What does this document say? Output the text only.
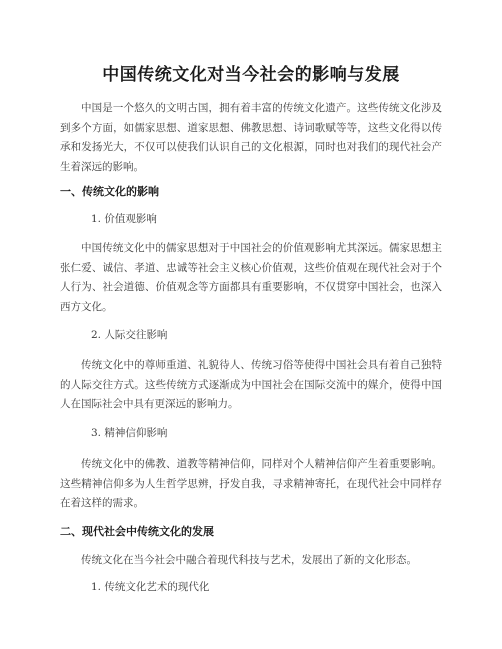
中国传统文化对当今社会的影响与发展

中国是一个悠久的文明古国，拥有着丰富的传统文化遗产。这些传统文化涉及到多个方面，如儒家思想、道家思想、佛教思想、诗词歌赋等等，这些文化得以传承和发扬光大，不仅可以使我们认识自己的文化根源，同时也对我们的现代社会产生着深远的影响。

一、传统文化的影响

1. 价值观影响

中国传统文化中的儒家思想对于中国社会的价值观影响尤其深远。儒家思想主张仁爱、诚信、孝道、忠诚等社会主义核心价值观，这些价值观在现代社会对于个人行为、社会道德、价值观念等方面都具有重要影响，不仅贯穿中国社会，也深入西方文化。

2. 人际交往影响

传统文化中的尊师重道、礼貌待人、传统习俗等使得中国社会具有着自己独特的人际交往方式。这些传统方式逐渐成为中国社会在国际交流中的媒介，使得中国人在国际社会中具有更深远的影响力。

3. 精神信仰影响

传统文化中的佛教、道教等精神信仰，同样对个人精神信仰产生着重要影响。这些精神信仰多为人生哲学思辨，抒发自我，寻求精神寄托，在现代社会中同样存在着这样的需求。

二、现代社会中传统文化的发展

传统文化在当今社会中融合着现代科技与艺术，发展出了新的文化形态。

1. 传统文化艺术的现代化
